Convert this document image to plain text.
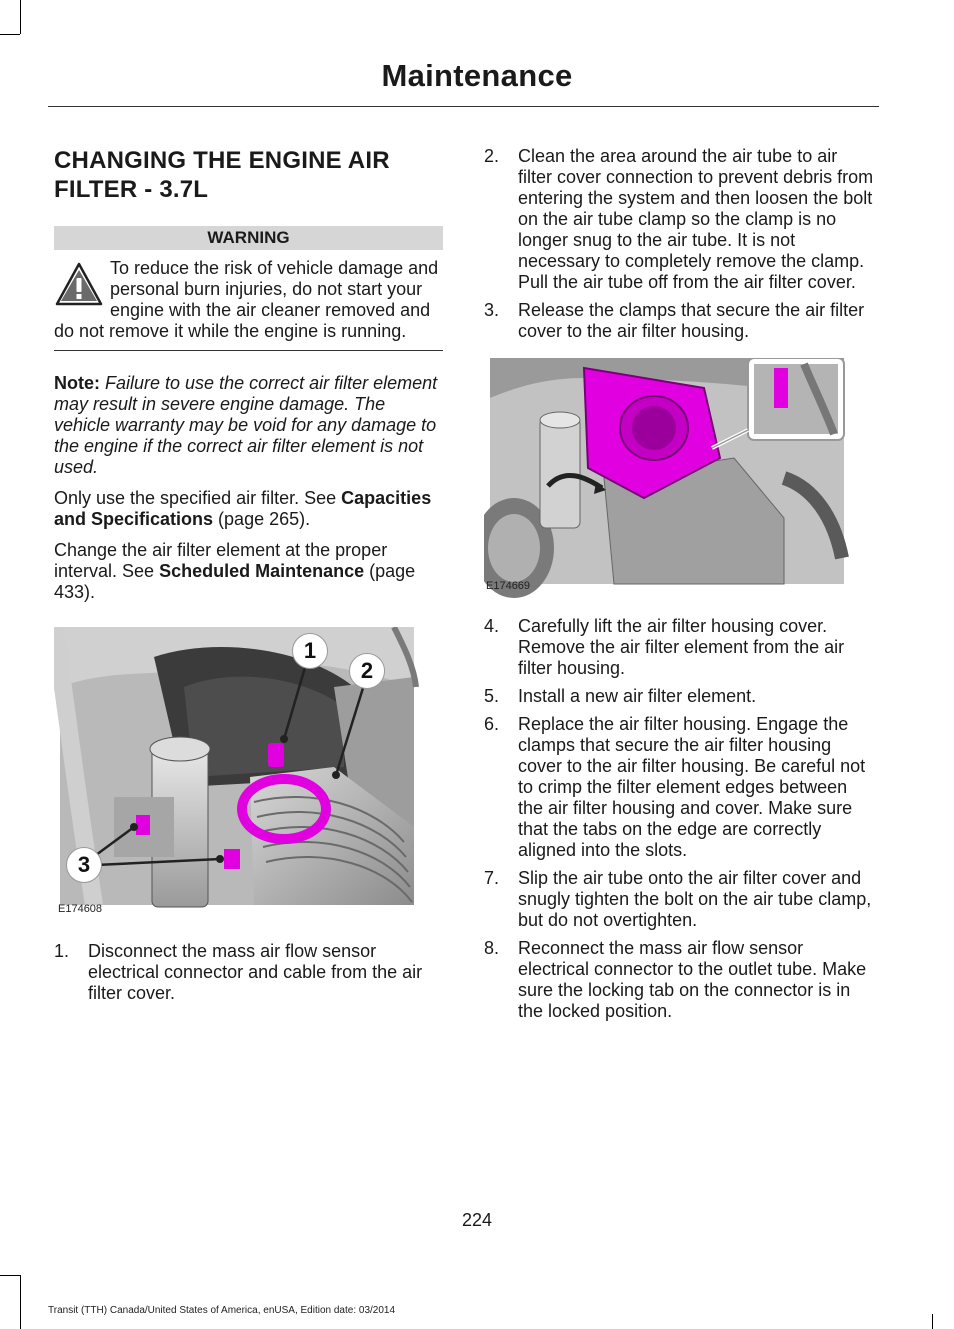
Maintenance
CHANGING THE ENGINE AIR FILTER - 3.7L
WARNING
To reduce the risk of vehicle damage and personal burn injuries, do not start your engine with the air cleaner removed and do not remove it while the engine is running.

Note: Failure to use the correct air filter element may result in severe engine damage. The vehicle warranty may be void for any damage to the engine if the correct air filter element is not used.

Only use the specified air filter. See Capacities and Specifications (page 265).

Change the air filter element at the proper interval. See Scheduled Maintenance (page 433).

1
2
3
E174608
1. Disconnect the mass air flow sensor electrical connector and cable from the air filter cover.
2. Clean the area around the air tube to air filter cover connection to prevent debris from entering the system and then loosen the bolt on the air tube clamp so the clamp is no longer snug to the air tube. It is not necessary to completely remove the clamp. Pull the air tube off from the air filter cover.
3. Release the clamps that secure the air filter cover to the air filter housing.
E174669
4. Carefully lift the air filter housing cover. Remove the air filter element from the air filter housing.
5. Install a new air filter element.
6. Replace the air filter housing. Engage the clamps that secure the air filter housing cover to the air filter housing. Be careful not to crimp the filter element edges between the air filter housing and cover. Make sure that the tabs on the edge are correctly aligned into the slots.
7. Slip the air tube onto the air filter cover and snugly tighten the bolt on the air tube clamp, but do not overtighten.
8. Reconnect the mass air flow sensor electrical connector to the outlet tube. Make sure the locking tab on the connector is in the locked position.
224
Transit (TTH) Canada/United States of America, enUSA, Edition date: 03/2014
